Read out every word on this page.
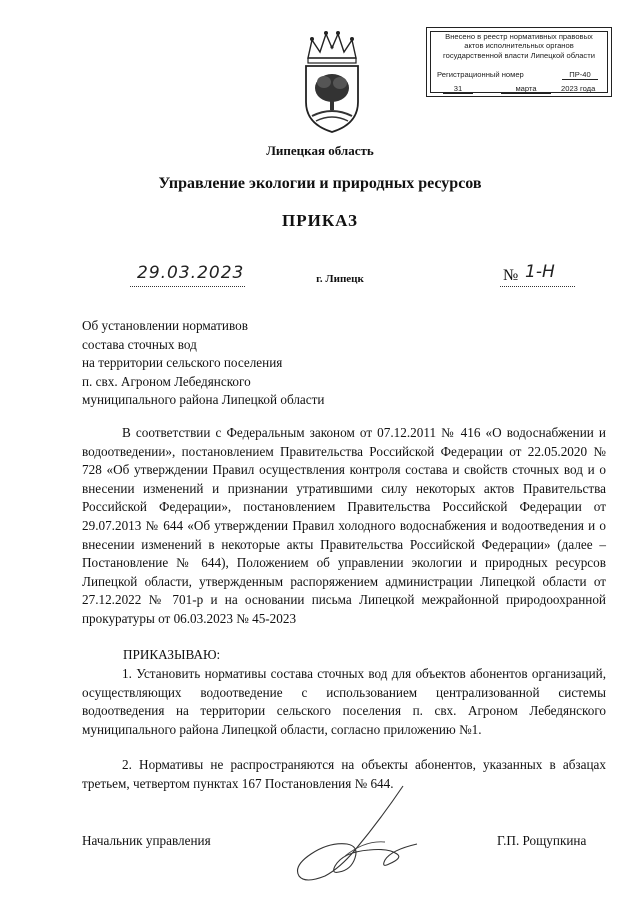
Внесено в реестр нормативных правовых
актов исполнительных органов
государственной власти Липецкой области
Регистрационный номер	ПР-40
31	марта	2023 года
Липецкая область
Управление экологии и природных ресурсов
ПРИКАЗ
29.03.2023	г. Липецк	№ 1-Н
Об установлении нормативов
состава сточных вод
на территории сельского поселения
п. свх. Агроном Лебедянского
муниципального района Липецкой области
В соответствии с Федеральным законом от 07.12.2011 № 416 «О водоснабжении и водоотведении», постановлением Правительства Российской Федерации от 22.05.2020 № 728 «Об утверждении Правил осуществления контроля состава и свойств сточных вод и о внесении изменений и признании утратившими силу некоторых актов Правительства Российской Федерации», постановлением Правительства Российской Федерации от 29.07.2013 № 644 «Об утверждении Правил холодного водоснабжения и водоотведения и о внесении изменений в некоторые акты Правительства Российской Федерации» (далее – Постановление № 644), Положением об управлении экологии и природных ресурсов Липецкой области, утвержденным распоряжением администрации Липецкой области от 27.12.2022 № 701-р и на основании письма Липецкой межрайонной природоохранной прокуратуры от 06.03.2023 № 45-2023
ПРИКАЗЫВАЮ:
1. Установить нормативы состава сточных вод для объектов абонентов организаций, осуществляющих водоотведение с использованием централизованной системы водоотведения на территории сельского поселения п. свх. Агроном Лебедянского муниципального района Липецкой области, согласно приложению №1.
2. Нормативы не распространяются на объекты абонентов, указанных в абзацах третьем, четвертом пунктах 167 Постановления № 644.
Начальник управления	Г.П. Рощупкина
